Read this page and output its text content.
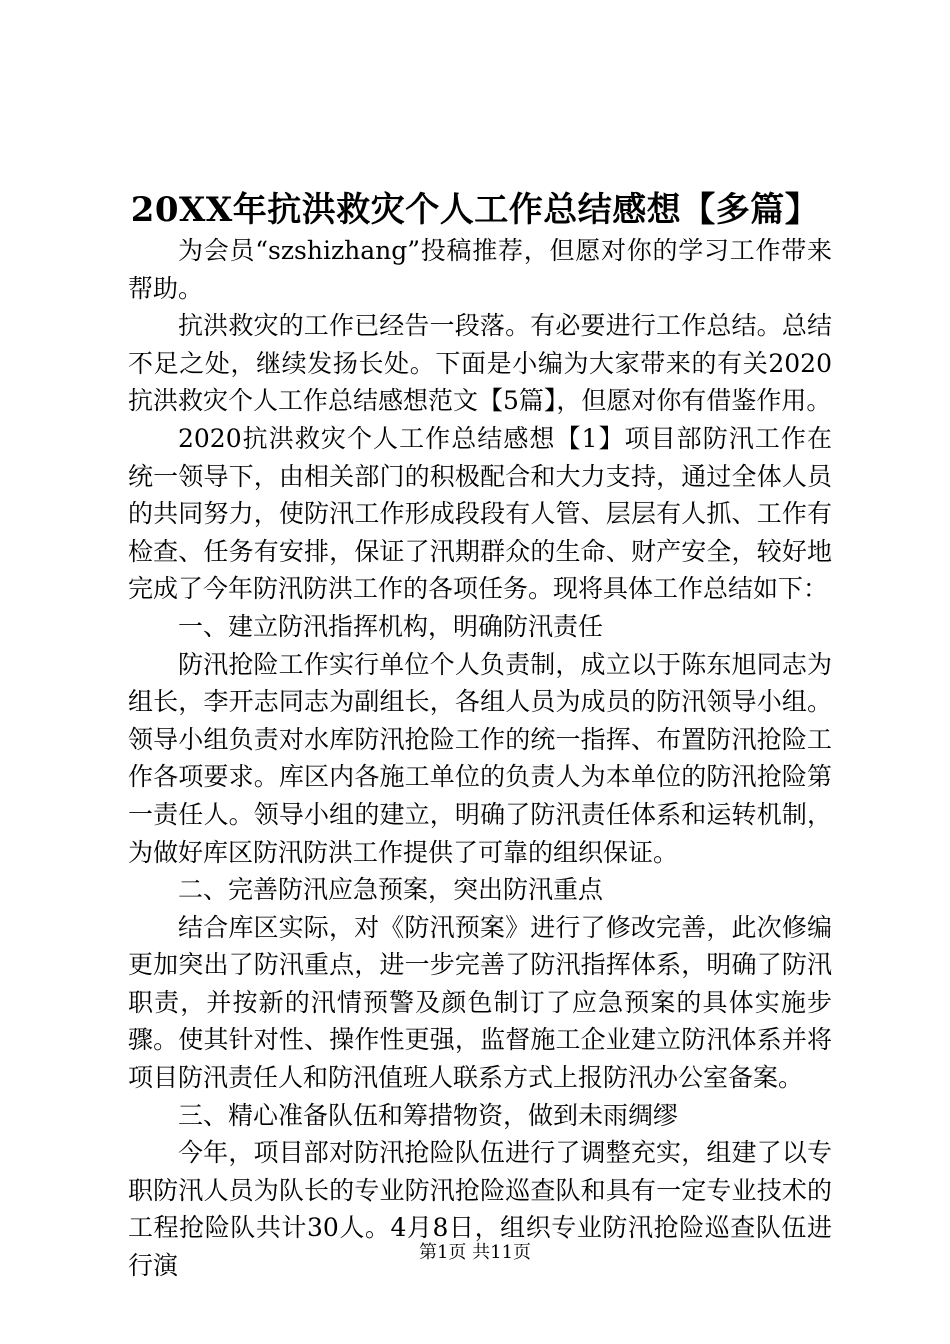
20XX年抗洪救灾个人工作总结感想【多篇】

为会员“szshizhang”投稿推荐，但愿对你的学习工作带来帮助。

抗洪救灾的工作已经告一段落。有必要进行工作总结。总结不足之处，继续发扬长处。下面是小编为大家带来的有关2020抗洪救灾个人工作总结感想范文【5篇】，但愿对你有借鉴作用。

2020抗洪救灾个人工作总结感想【1】项目部防汛工作在统一领导下，由相关部门的积极配合和大力支持，通过全体人员的共同努力，使防汛工作形成段段有人管、层层有人抓、工作有检查、任务有安排，保证了汛期群众的生命、财产安全，较好地完成了今年防汛防洪工作的各项任务。现将具体工作总结如下：

一、建立防汛指挥机构，明确防汛责任

防汛抢险工作实行单位个人负责制，成立以于陈东旭同志为组长，李开志同志为副组长，各组人员为成员的防汛领导小组。领导小组负责对水库防汛抢险工作的统一指挥、布置防汛抢险工作各项要求。库区内各施工单位的负责人为本单位的防汛抢险第一责任人。领导小组的建立，明确了防汛责任体系和运转机制，为做好库区防汛防洪工作提供了可靠的组织保证。

二、完善防汛应急预案，突出防汛重点

结合库区实际，对《防汛预案》进行了修改完善，此次修编更加突出了防汛重点，进一步完善了防汛指挥体系，明确了防汛职责，并按新的汛情预警及颜色制订了应急预案的具体实施步骤。使其针对性、操作性更强，监督施工企业建立防汛体系并将项目防汛责任人和防汛值班人联系方式上报防汛办公室备案。

三、精心准备队伍和筹措物资，做到未雨绸缪

今年，项目部对防汛抢险队伍进行了调整充实，组建了以专职防汛人员为队长的专业防汛抢险巡查队和具有一定专业技术的工程抢险队共计30人。4月8日，组织专业防汛抢险巡查队伍进行演	第1页 共11页
